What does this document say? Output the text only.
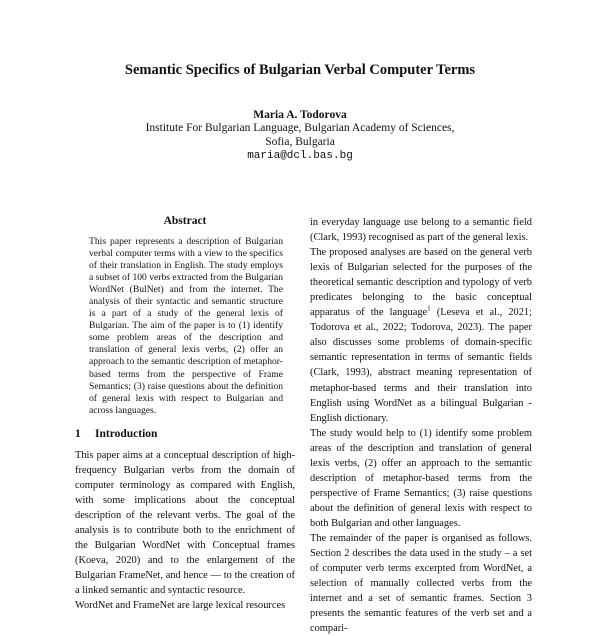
Semantic Specifics of Bulgarian Verbal Computer Terms
Maria A. Todorova
Institute For Bulgarian Language, Bulgarian Academy of Sciences,
Sofia, Bulgaria
maria@dcl.bas.bg
Abstract
This paper represents a description of Bulgarian verbal computer terms with a view to the specifics of their translation in English. The study employs a subset of 100 verbs extracted from the Bulgarian WordNet (BulNet) and from the internet. The analysis of their syntactic and semantic structure is a part of a study of the general lexis of Bulgarian. The aim of the paper is to (1) identify some problem areas of the description and translation of general lexis verbs, (2) offer an approach to the semantic description of metaphor-based terms from the perspective of Frame Semantics; (3) raise questions about the definition of general lexis with respect to Bulgarian and across languages.
1 Introduction

This paper aims at a conceptual description of high-frequency Bulgarian verbs from the domain of computer terminology as compared with English, with some implications about the conceptual description of the relevant verbs. The goal of the analysis is to contribute both to the enrichment of the Bulgarian WordNet with Conceptual frames (Koeva, 2020) and to the enlargement of the Bulgarian FrameNet, and hence — to the creation of a linked semantic and syntactic resource.

WordNet and FrameNet are large lexical resources

in everyday language use belong to a semantic field (Clark, 1993) recognised as part of the general lexis.

The proposed analyses are based on the general verb lexis of Bulgarian selected for the purposes of the theoretical semantic description and typology of verb predicates belonging to the basic conceptual apparatus of the language$^1$ (Leseva et al., 2021; Todorova et al., 2022; Todorova, 2023). The paper also discusses some problems of domain-specific semantic representation in terms of semantic fields (Clark, 1993), abstract meaning representation of metaphor-based terms and their translation into English using WordNet as a bilingual Bulgarian - English dictionary.

The study would help to (1) identify some problem areas of the description and translation of general lexis verbs, (2) offer an approach to the semantic description of metaphor-based terms from the perspective of Frame Semantics; (3) raise questions about the definition of general lexis with respect to both Bulgarian and other languages.

The remainder of the paper is organised as follows. Section 2 describes the data used in the study – a set of computer verb terms excerpted from WordNet, a selection of manually collected verbs from the internet and a set of semantic frames. Section 3 presents the semantic features of the verb set and a compari-
